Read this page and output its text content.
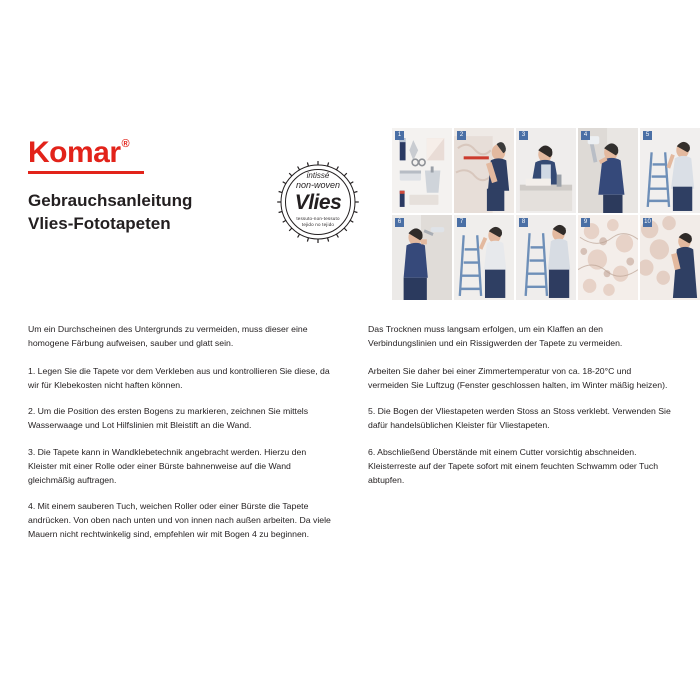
Komar®
Gebrauchsanleitung
Vlies-Fototapeten
intissé
non-woven
Vlies
tessuto-non-tessuto
tejido no tejido
1	2	3	4	5
6	7	8	9	10

Um ein Durchscheinen des Untergrunds zu vermeiden, muss dieser eine homogene Färbung aufweisen, sauber und glatt sein.

1. Legen Sie die Tapete vor dem Verkleben aus und kontrollieren Sie diese, da wir für Klebekosten nicht haften können.

2. Um die Position des ersten Bogens zu markieren, zeichnen Sie mittels Wasserwaage und Lot Hilfslinien mit Bleistift an die Wand.

3. Die Tapete kann in Wandklebetechnik angebracht werden. Hierzu den Kleister mit einer Rolle oder einer Bürste bahnenweise auf die Wand gleichmäßig auftragen.

4. Mit einem sauberen Tuch, weichen Roller oder einer Bürste die Tapete andrücken. Von oben nach unten und von innen nach außen arbeiten. Da viele Mauern nicht rechtwinkelig sind, empfehlen wir mit Bogen 4 zu beginnen.

Das Trocknen muss langsam erfolgen, um ein Klaffen an den Verbindungslinien und ein Rissigwerden der Tapete zu vermeiden.

Arbeiten Sie daher bei einer Zimmertemperatur von ca. 18-20°C und vermeiden Sie Luftzug (Fenster geschlossen halten, im Winter mäßig heizen).

5. Die Bogen der Vliestapeten werden Stoss an Stoss verklebt. Verwenden Sie dafür handelsüblichen Kleister für Vliestapeten.

6. Abschließend Überstände mit einem Cutter vorsichtig abschneiden. Kleisterreste auf der Tapete sofort mit einem feuchten Schwamm oder Tuch abtupfen.
